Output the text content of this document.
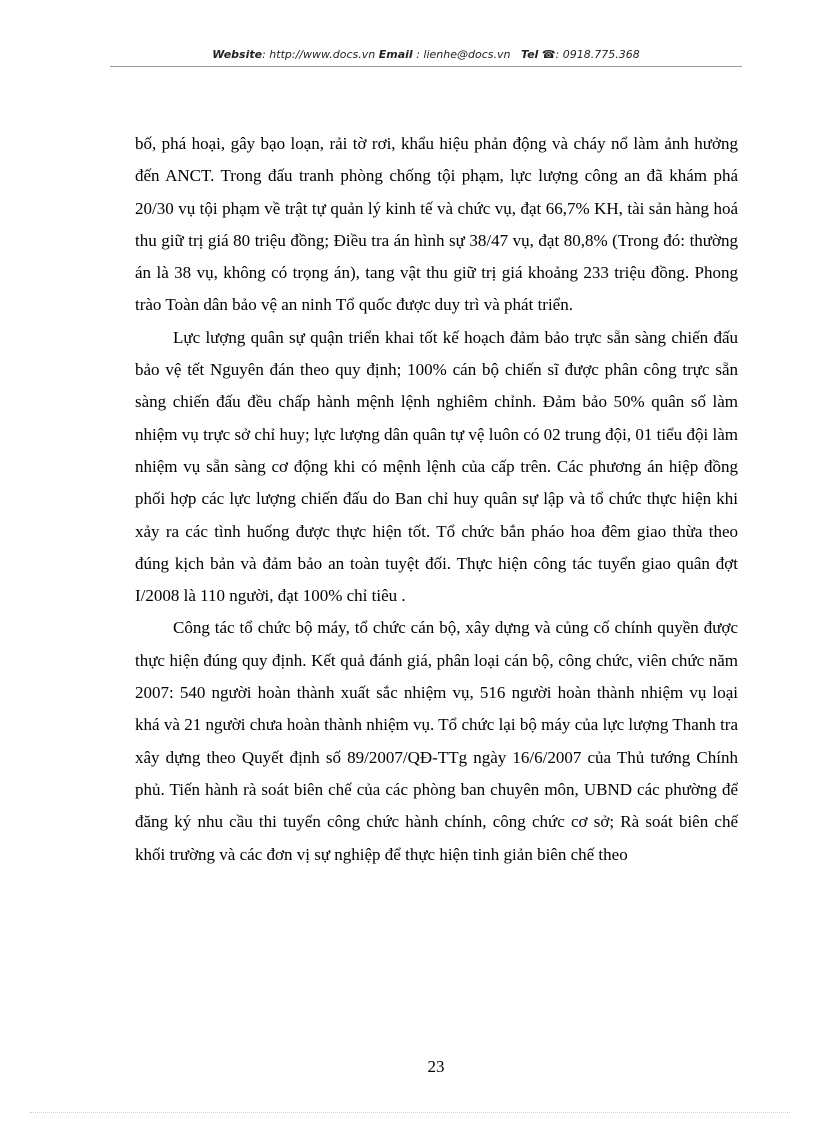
Website: http://www.docs.vn Email : lienhe@docs.vn Tel ☎: 0918.775.368

bố, phá hoại, gây bạo loạn, rải tờ rơi, khẩu hiệu phản động và cháy nổ làm ảnh hưởng đến ANCT. Trong đấu tranh phòng chống tội phạm, lực lượng công an đã khám phá 20/30 vụ tội phạm về trật tự quản lý kinh tế và chức vụ, đạt 66,7% KH, tài sản hàng hoá thu giữ trị giá 80 triệu đồng; Điều tra án hình sự 38/47 vụ, đạt 80,8% (Trong đó: thường án là 38 vụ, không có trọng án), tang vật thu giữ trị giá khoảng 233 triệu đồng. Phong trào Toàn dân bảo vệ an ninh Tổ quốc được duy trì và phát triển.

Lực lượng quân sự quận triển khai tốt kế hoạch đảm bảo trực sẵn sàng chiến đấu bảo vệ tết Nguyên đán theo quy định; 100% cán bộ chiến sĩ được phân công trực sẵn sàng chiến đấu đều chấp hành mệnh lệnh nghiêm chỉnh. Đảm bảo 50% quân số làm nhiệm vụ trực sở chỉ huy; lực lượng dân quân tự vệ luôn có 02 trung đội, 01 tiểu đội làm nhiệm vụ sẵn sàng cơ động khi có mệnh lệnh của cấp trên. Các phương án hiệp đồng phối hợp các lực lượng chiến đấu do Ban chỉ huy quân sự lập và tổ chức thực hiện khi xảy ra các tình huống được thực hiện tốt. Tổ chức bắn pháo hoa đêm giao thừa theo đúng kịch bản và đảm bảo an toàn tuyệt đối. Thực hiện công tác tuyển giao quân đợt I/2008 là 110 người, đạt 100% chỉ tiêu .

Công tác tổ chức bộ máy, tổ chức cán bộ, xây dựng và củng cố chính quyền được thực hiện đúng quy định. Kết quả đánh giá, phân loại cán bộ, công chức, viên chức năm 2007: 540 người hoàn thành xuất sắc nhiệm vụ, 516 người hoàn thành nhiệm vụ loại khá và 21 người chưa hoàn thành nhiệm vụ. Tổ chức lại bộ máy của lực lượng Thanh tra xây dựng theo Quyết định số 89/2007/QĐ-TTg ngày 16/6/2007 của Thủ tướng Chính phủ. Tiến hành rà soát biên chế của các phòng ban chuyên môn, UBND các phường để đăng ký nhu cầu thi tuyển công chức hành chính, công chức cơ sở; Rà soát biên chế khối trường và các đơn vị sự nghiệp để thực hiện tinh giản biên chế theo

23
